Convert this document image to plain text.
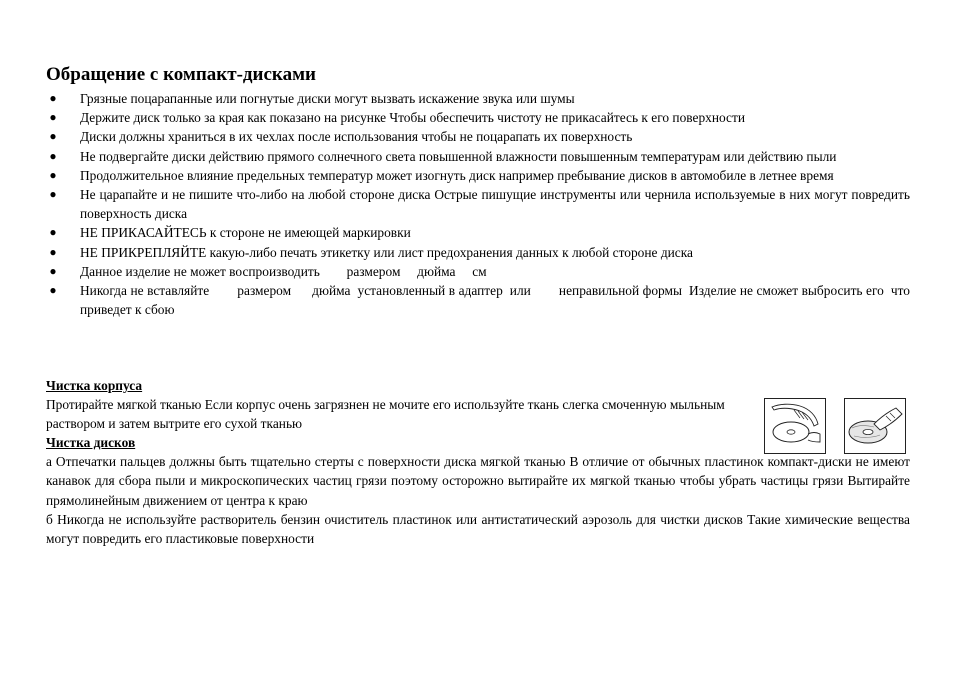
Обращение с компакт-дисками
● Грязные поцарапанные или погнутые диски могут вызвать искажение звука или шумы
● Держите диск только за края как показано на рисунке Чтобы обеспечить чистоту не прикасайтесь к его поверхности
● Диски должны храниться в их чехлах после использования чтобы не поцарапать их поверхность
● Не подвергайте диски действию прямого солнечного света повышенной влажности повышенным температурам или действию пыли
● Продолжительное влияние предельных температур может изогнуть диск например пребывание дисков в автомобиле в летнее время
● Не царапайте и не пишите что-либо на любой стороне диска Острые пишущие инструменты или чернила используемые в них могут повредить поверхность диска
● НЕ ПРИКАСАЙТЕСЬ к стороне не имеющей маркировки
● НЕ ПРИКРЕПЛЯЙТЕ какую-либо печать этикетку или лист предохранения данных к любой стороне диска
● Данное изделие не может воспроизводить        размером     дюйма     см
● Никогда не вставляйте        размером      дюйма  установленный в адаптер  или        неправильной формы  Изделие не сможет выбросить его  что приведет к сбою
Чистка корпуса
Протирайте мягкой тканью Если корпус очень загрязнен не мочите его используйте ткань слегка смоченную мыльным раствором и затем вытрите его сухой тканью
Чистка дисков
а Отпечатки пальцев должны быть тщательно стерты с поверхности диска мягкой тканью В отличие от обычных пластинок компакт-диски не имеют канавок для сбора пыли и микроскопических частиц грязи поэтому осторожно вытирайте их мягкой тканью чтобы убрать частицы грязи Вытирайте прямолинейным движением от центра к краю
б Никогда не используйте растворитель бензин очиститель пластинок или антистатический аэрозоль для чистки дисков Такие химические вещества могут повредить его пластиковые поверхности
